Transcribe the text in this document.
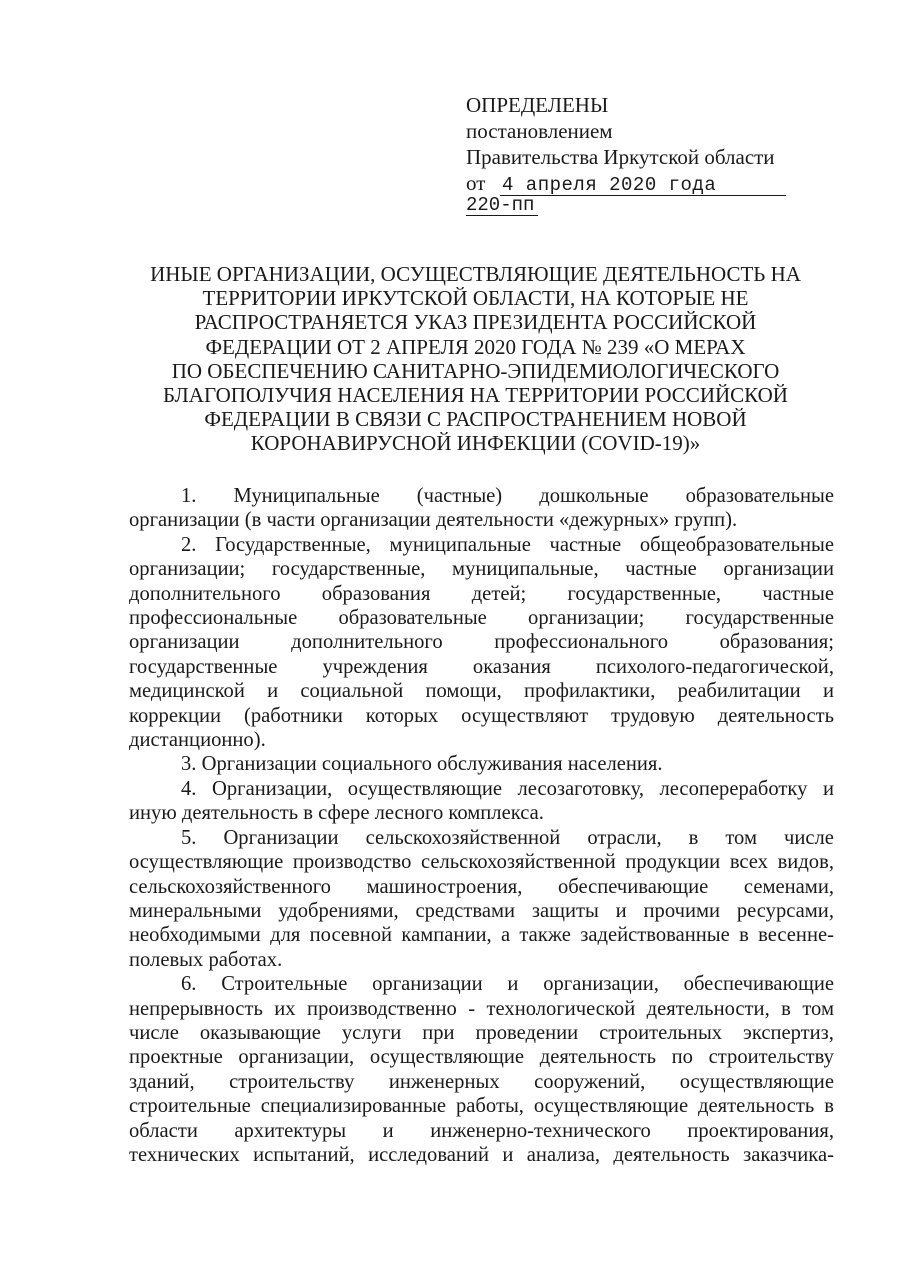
ОПРЕДЕЛЕНЫ
постановлением
Правительства Иркутской области
от 4 апреля 2020 года
220-пп
ИНЫЕ ОРГАНИЗАЦИИ, ОСУЩЕСТВЛЯЮЩИЕ ДЕЯТЕЛЬНОСТЬ НА
ТЕРРИТОРИИ ИРКУТСКОЙ ОБЛАСТИ, НА КОТОРЫЕ НЕ
РАСПРОСТРАНЯЕТСЯ УКАЗ ПРЕЗИДЕНТА РОССИЙСКОЙ
ФЕДЕРАЦИИ ОТ 2 АПРЕЛЯ 2020 ГОДА № 239 «О МЕРАХ
ПО ОБЕСПЕЧЕНИЮ САНИТАРНО-ЭПИДЕМИОЛОГИЧЕСКОГО
БЛАГОПОЛУЧИЯ НАСЕЛЕНИЯ НА ТЕРРИТОРИИ РОССИЙСКОЙ
ФЕДЕРАЦИИ В СВЯЗИ С РАСПРОСТРАНЕНИЕМ НОВОЙ
КОРОНАВИРУСНОЙ ИНФЕКЦИИ (COVID-19)»
1. Муниципальные (частные) дошкольные образовательные
организации (в части организации деятельности «дежурных» групп).
2. Государственные, муниципальные частные общеобразовательные
организации; государственные, муниципальные, частные организации
дополнительного образования детей; государственные, частные
профессиональные образовательные организации; государственные
организации	дополнительного	профессионального	образования;
государственные учреждения оказания психолого-педагогической,
медицинской и социальной помощи, профилактики, реабилитации и
коррекции (работники которых осуществляют трудовую деятельность
дистанционно).
3. Организации социального обслуживания населения.
4. Организации, осуществляющие лесозаготовку, лесопереработку и
иную деятельность в сфере лесного комплекса.
5. Организации сельскохозяйственной отрасли, в том числе
осуществляющие производство сельскохозяйственной продукции всех видов,
сельскохозяйственного машиностроения, обеспечивающие семенами,
минеральными удобрениями, средствами защиты и прочими ресурсами,
необходимыми для посевной кампании, а также задействованные в весенне-
полевых работах.
6. Строительные организации и организации, обеспечивающие
непрерывность их производственно - технологической деятельности, в том
числе оказывающие услуги при проведении строительных экспертиз,
проектные организации, осуществляющие деятельность по строительству
зданий, строительству инженерных сооружений, осуществляющие
строительные специализированные работы, осуществляющие деятельность в
области архитектуры и инженерно-технического проектирования,
технических испытаний, исследований и анализа, деятельность заказчика-
